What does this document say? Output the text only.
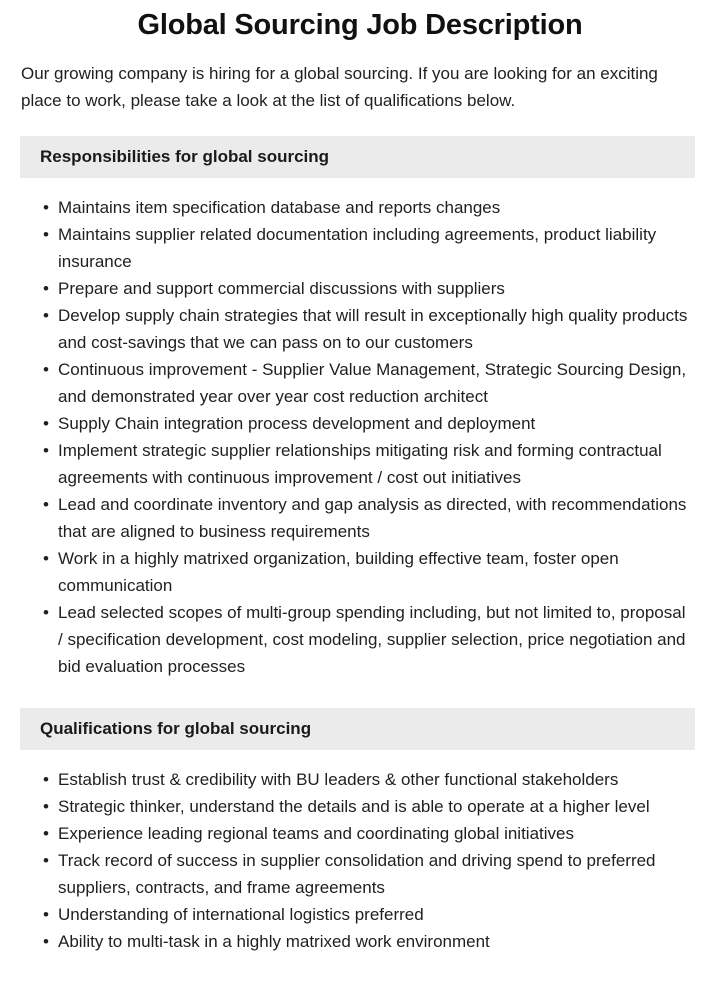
Global Sourcing Job Description

Our growing company is hiring for a global sourcing. If you are looking for an exciting place to work, please take a look at the list of qualifications below.

Responsibilities for global sourcing
• Maintains item specification database and reports changes
• Maintains supplier related documentation including agreements, product liability insurance
• Prepare and support commercial discussions with suppliers
• Develop supply chain strategies that will result in exceptionally high quality products and cost-savings that we can pass on to our customers
• Continuous improvement - Supplier Value Management, Strategic Sourcing Design, and demonstrated year over year cost reduction architect
• Supply Chain integration process development and deployment
• Implement strategic supplier relationships mitigating risk and forming contractual agreements with continuous improvement / cost out initiatives
• Lead and coordinate inventory and gap analysis as directed, with recommendations that are aligned to business requirements
• Work in a highly matrixed organization, building effective team, foster open communication
• Lead selected scopes of multi-group spending including, but not limited to, proposal / specification development, cost modeling, supplier selection, price negotiation and bid evaluation processes
Qualifications for global sourcing
• Establish trust & credibility with BU leaders & other functional stakeholders
• Strategic thinker, understand the details and is able to operate at a higher level
• Experience leading regional teams and coordinating global initiatives
• Track record of success in supplier consolidation and driving spend to preferred suppliers, contracts, and frame agreements
• Understanding of international logistics preferred
• Ability to multi-task in a highly matrixed work environment
